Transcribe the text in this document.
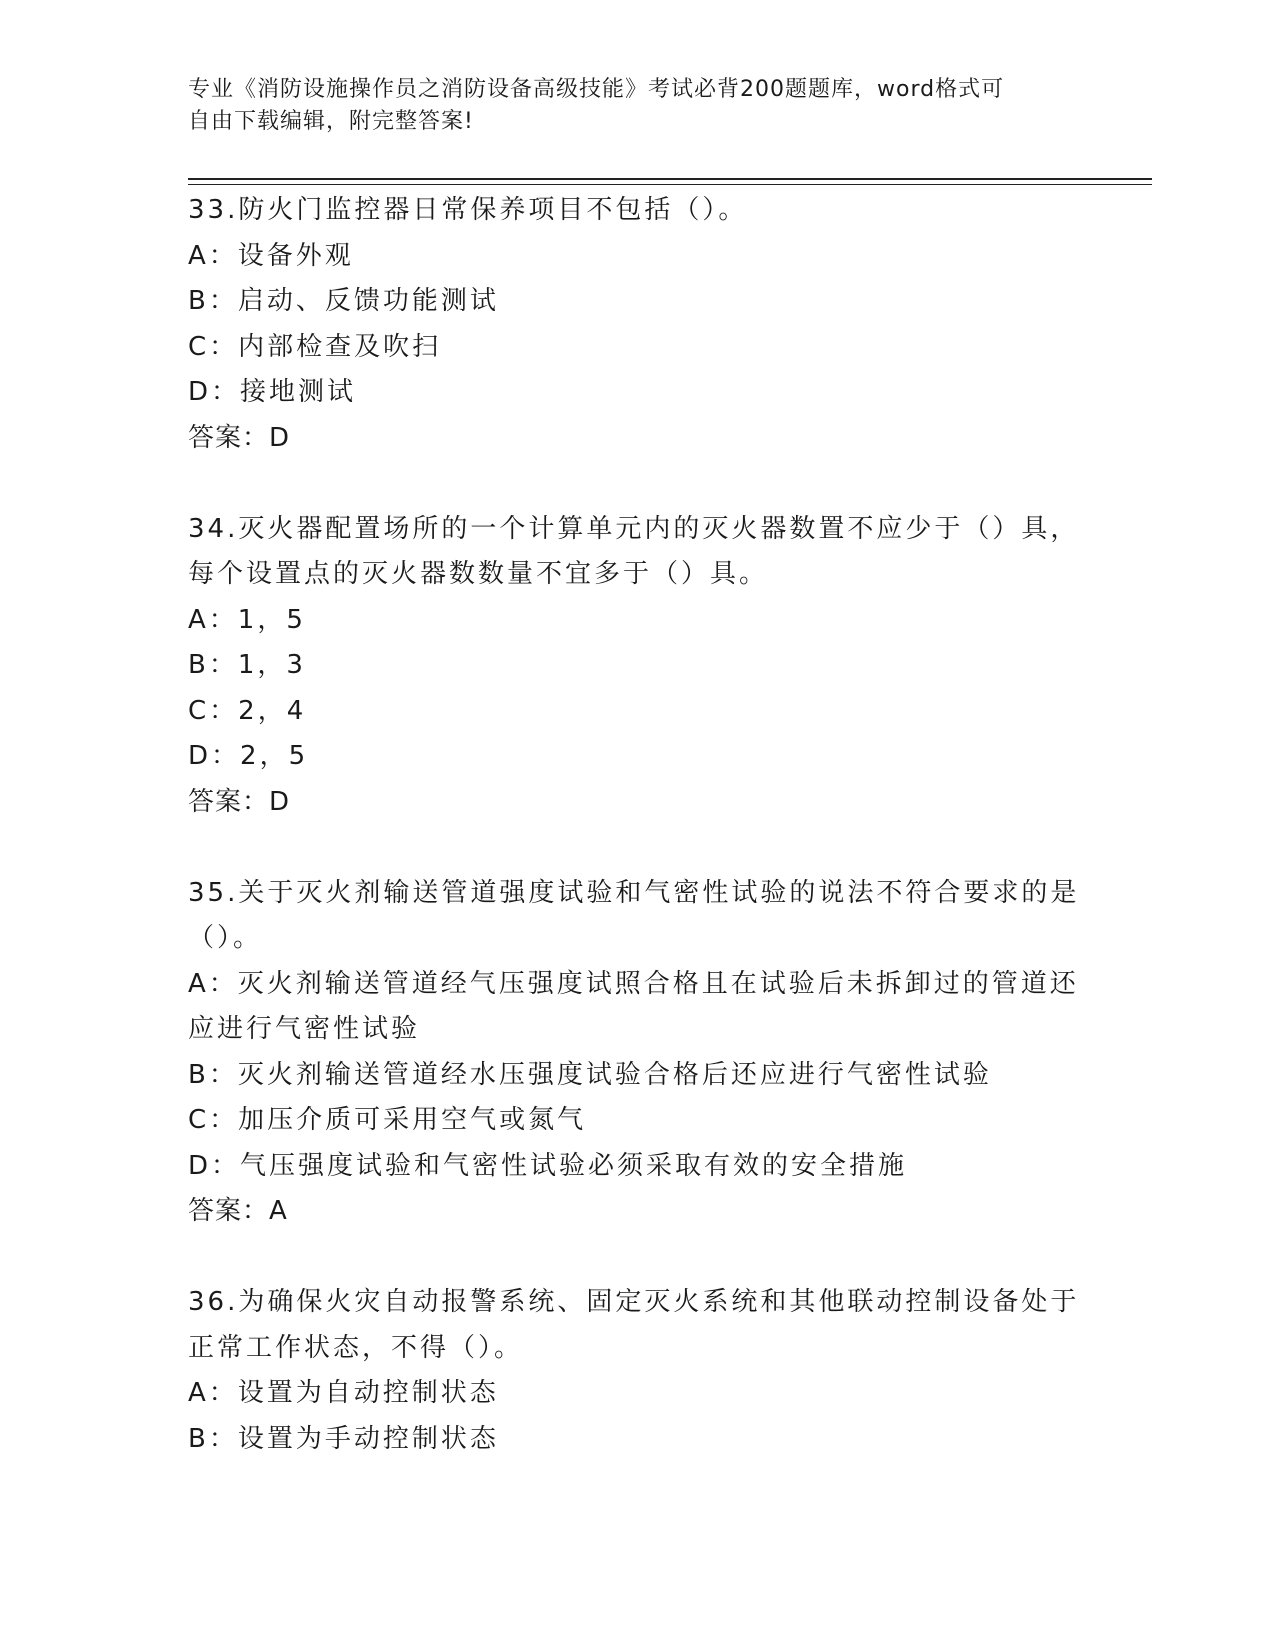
专业《消防设施操作员之消防设备高级技能》考试必背200题题库，word格式可
自由下载编辑，附完整答案!
33.防火门监控器日常保养项目不包括（）。
A：设备外观
B：启动、反馈功能测试
C：内部检查及吹扫
D：接地测试
答案：D
34.灭火器配置场所的一个计算单元内的灭火器数置不应少于（）具，
每个设置点的灭火器数数量不宜多于（）具。
A：1，5
B：1，3
C：2，4
D：2，5
答案：D
35.关于灭火剂输送管道强度试验和气密性试验的说法不符合要求的是
（）。
A：灭火剂输送管道经气压强度试照合格且在试验后未拆卸过的管道还
应进行气密性试验
B：灭火剂输送管道经水压强度试验合格后还应进行气密性试验
C：加压介质可采用空气或氮气
D：气压强度试验和气密性试验必须采取有效的安全措施
答案：A
36.为确保火灾自动报警系统、固定灭火系统和其他联动控制设备处于
正常工作状态，不得（）。
A：设置为自动控制状态
B：设置为手动控制状态
